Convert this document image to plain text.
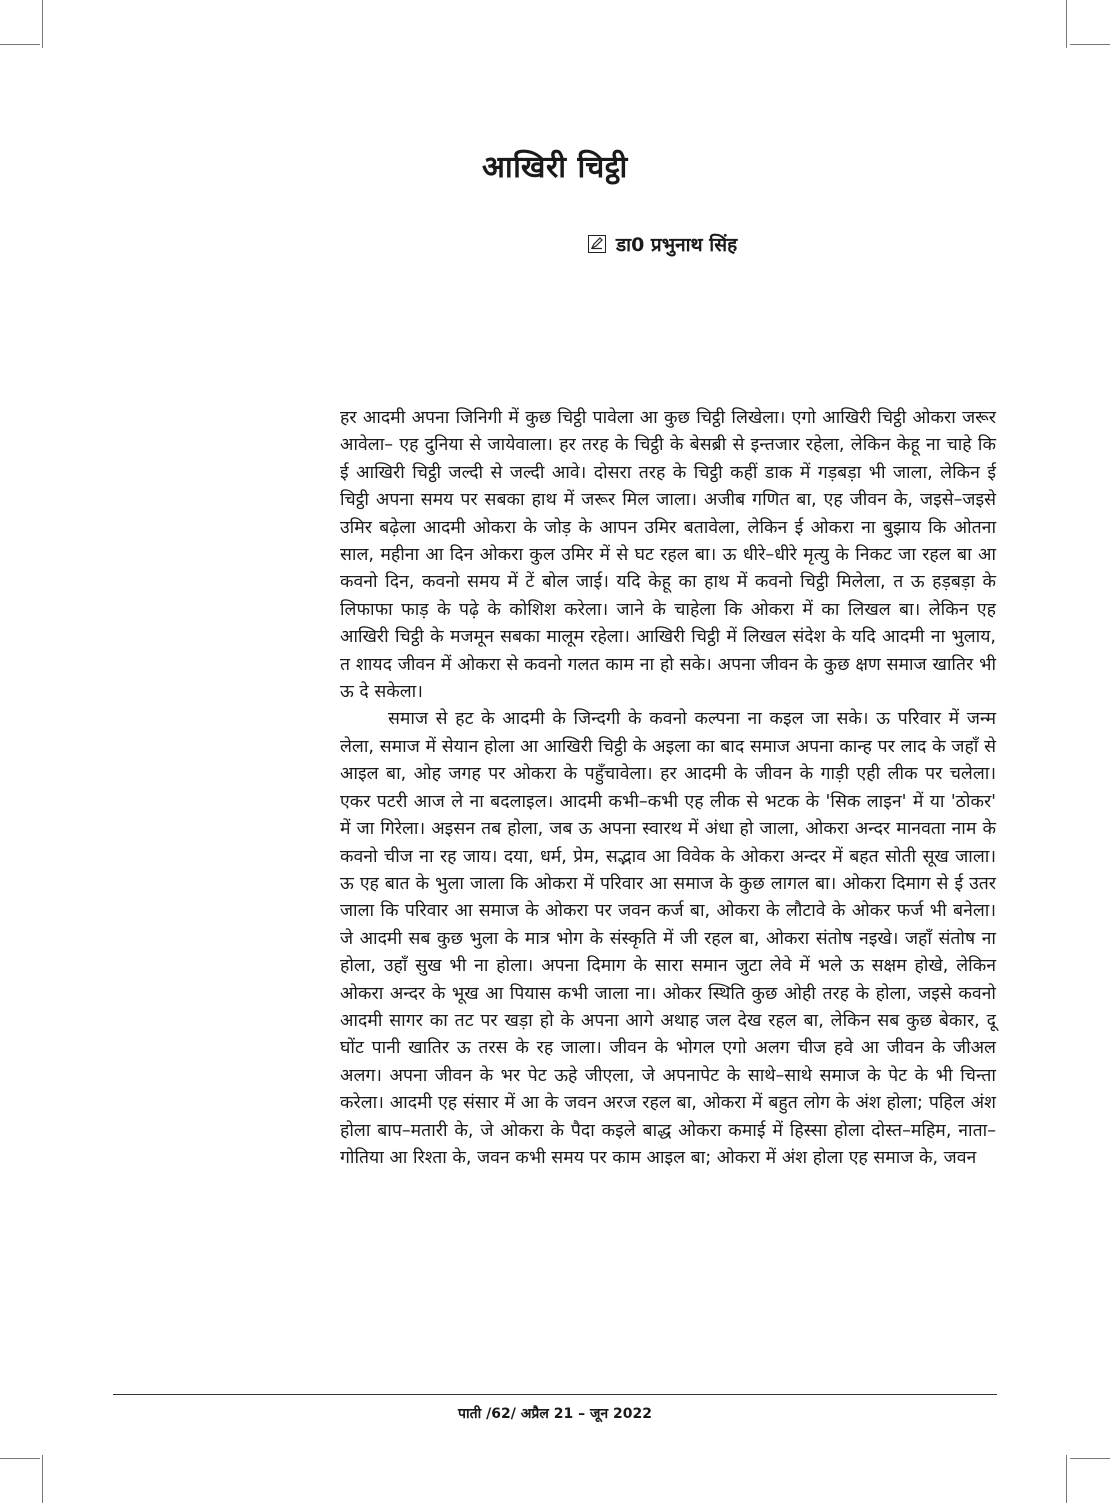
आखिरी चिट्ठी
डा0 प्रभुनाथ सिंह

हर आदमी अपना जिनिगी में कुछ चिट्ठी पावेला आ कुछ चिट्ठी लिखेला। एगो आखिरी चिट्ठी ओकरा जरूर आवेला– एह दुनिया से जायेवाला। हर तरह के चिट्ठी के बेसब्री से इन्तजार रहेला, लेकिन केहू ना चाहे कि ई आखिरी चिट्ठी जल्दी से जल्दी आवे। दोसरा तरह के चिट्ठी कहीं डाक में गड़बड़ा भी जाला, लेकिन ई चिट्ठी अपना समय पर सबका हाथ में जरूर मिल जाला। अजीब गणित बा, एह जीवन के, जइसे–जइसे उमिर बढ़ेला आदमी ओकरा के जोड़ के आपन उमिर बतावेला, लेकिन ई ओकरा ना बुझाय कि ओतना साल, महीना आ दिन ओकरा कुल उमिर में से घट रहल बा। ऊ धीरे–धीरे मृत्यु के निकट जा रहल बा आ कवनो दिन, कवनो समय में टें बोल जाई। यदि केहू का हाथ में कवनो चिट्ठी मिलेला, त ऊ हड़बड़ा के लिफाफा फाड़ के पढ़े के कोशिश करेला। जाने के चाहेला कि ओकरा में का लिखल बा। लेकिन एह आखिरी चिट्ठी के मजमून सबका मालूम रहेला। आखिरी चिट्ठी में लिखल संदेश के यदि आदमी ना भुलाय, त शायद जीवन में ओकरा से कवनो गलत काम ना हो सके। अपना जीवन के कुछ क्षण समाज खातिर भी ऊ दे सकेला।

समाज से हट के आदमी के जिन्दगी के कवनो कल्पना ना कइल जा सके। ऊ परिवार में जन्म लेला, समाज में सेयान होला आ आखिरी चिट्ठी के अइला का बाद समाज अपना कान्ह पर लाद के जहाँ से आइल बा, ओह जगह पर ओकरा के पहुँचावेला। हर आदमी के जीवन के गाड़ी एही लीक पर चलेला। एकर पटरी आज ले ना बदलाइल। आदमी कभी–कभी एह लीक से भटक के 'सिक लाइन' में या 'ठोकर' में जा गिरेला। अइसन तब होला, जब ऊ अपना स्वारथ में अंधा हो जाला, ओकरा अन्दर मानवता नाम के कवनो चीज ना रह जाय। दया, धर्म, प्रेम, सद्भाव आ विवेक के ओकरा अन्दर में बहत सोती सूख जाला। ऊ एह बात के भुला जाला कि ओकरा में परिवार आ समाज के कुछ लागल बा। ओकरा दिमाग से ई उतर जाला कि परिवार आ समाज के ओकरा पर जवन कर्ज बा, ओकरा के लौटावे के ओकर फर्ज भी बनेला। जे आदमी सब कुछ भुला के मात्र भोग के संस्कृति में जी रहल बा, ओकरा संतोष नइखे। जहाँ संतोष ना होला, उहाँ सुख भी ना होला। अपना दिमाग के सारा समान जुटा लेवे में भले ऊ सक्षम होखे, लेकिन ओकरा अन्दर के भूख आ पियास कभी जाला ना। ओकर स्थिति कुछ ओही तरह के होला, जइसे कवनो आदमी सागर का तट पर खड़ा हो के अपना आगे अथाह जल देख रहल बा, लेकिन सब कुछ बेकार, दू घोंट पानी खातिर ऊ तरस के रह जाला। जीवन के भोगल एगो अलग चीज हवे आ जीवन के जीअल अलग। अपना जीवन के भर पेट ऊहे जीएला, जे अपनापेट के साथे–साथे समाज के पेट के भी चिन्ता करेला। आदमी एह संसार में आ के जवन अरज रहल बा, ओकरा में बहुत लोग के अंश होला; पहिल अंश होला बाप–मतारी के, जे ओकरा के पैदा कइले बाद्ध ओकरा कमाई में हिस्सा होला दोस्त–महिम, नाता–गोतिया आ रिश्ता के, जवन कभी समय पर काम आइल बा; ओकरा में अंश होला एह समाज के, जवन

पाती /62/ अप्रैल 21 – जून 2022
